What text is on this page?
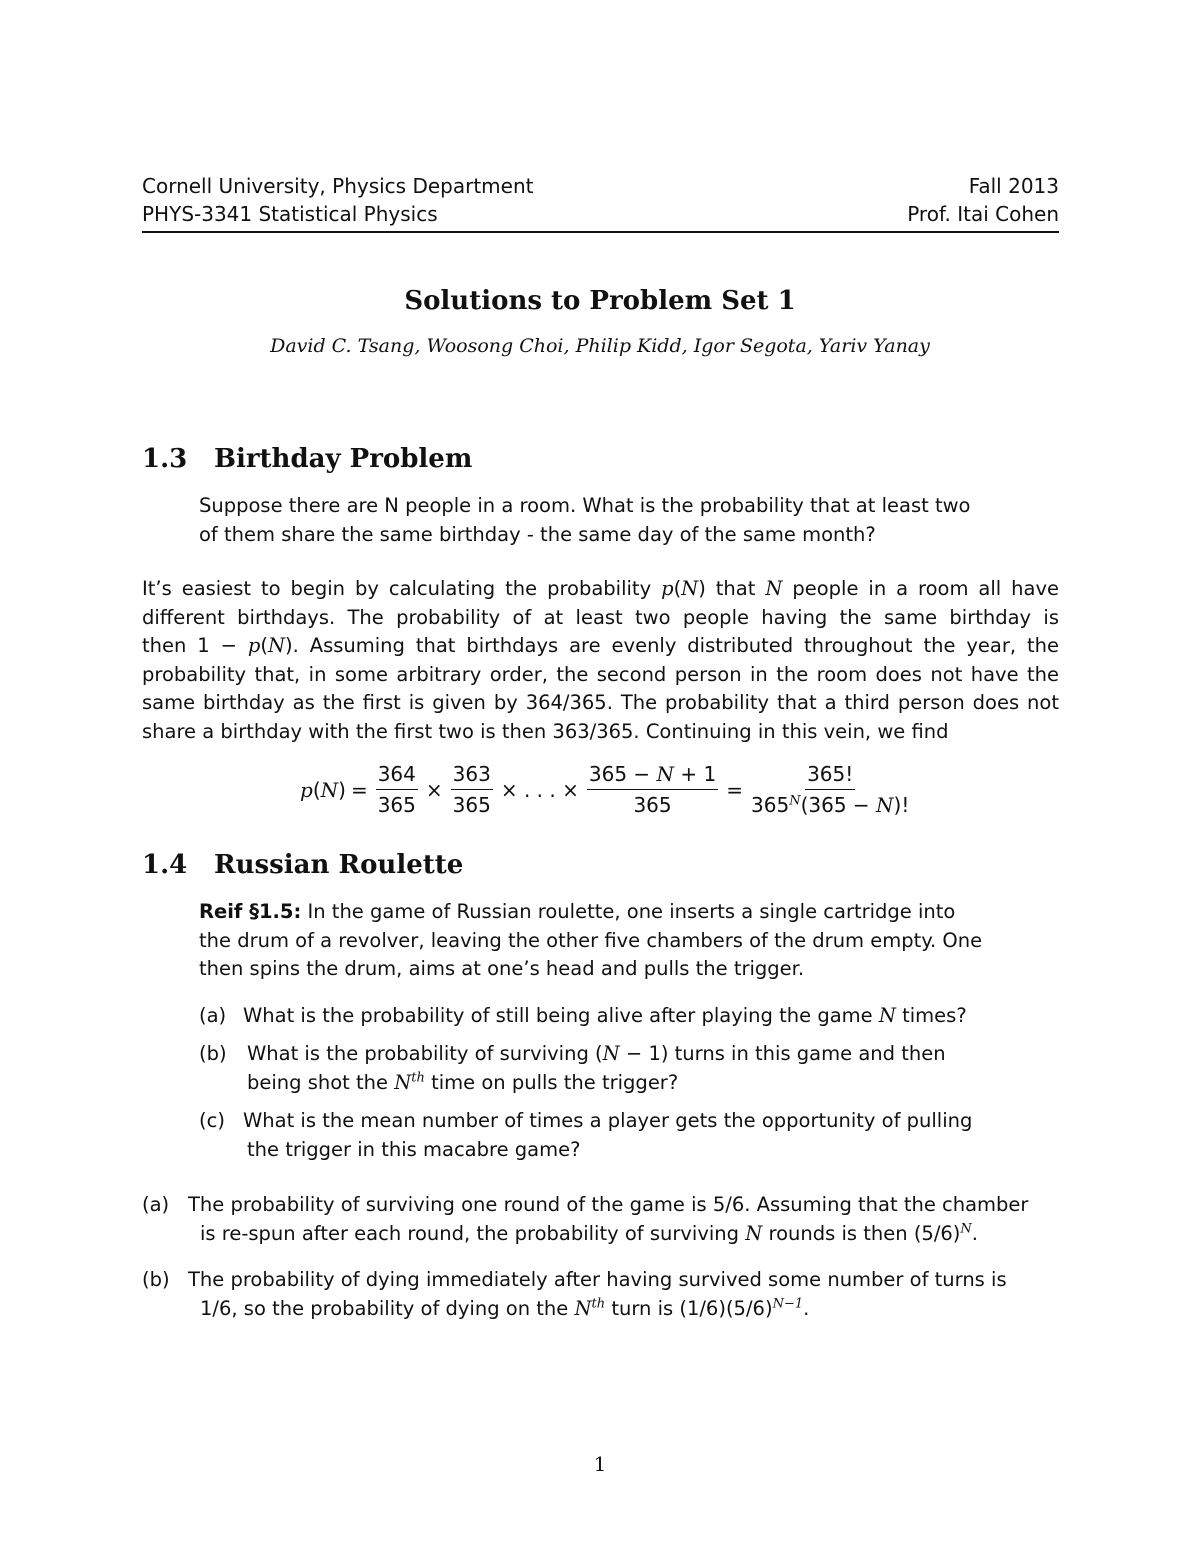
Cornell University, Physics Department
PHYS-3341 Statistical Physics
Fall 2013
Prof. Itai Cohen
Solutions to Problem Set 1
David C. Tsang, Woosong Choi, Philip Kidd, Igor Segota, Yariv Yanay
1.3 Birthday Problem
Suppose there are N people in a room. What is the probability that at least two
of them share the same birthday - the same day of the same month?
It’s easiest to begin by calculating the probability p(N) that N people in a room all have
different birthdays. The probability of at least two people having the same birthday is
then 1 − p(N). Assuming that birthdays are evenly distributed throughout the year, the
probability that, in some arbitrary order, the second person in the room does not have the
same birthday as the first is given by 364/365. The probability that a third person does not
share a birthday with the first two is then 363/365. Continuing in this vein, we find
p ( N ) = $\frac{364}{365} \times \frac{363}{365}$ × . . . × $\frac{365 - N + 1}{365} = \frac{365!}{365^N(365 - N)!}$
1.4 Russian Roulette
Reif §1.5: In the game of Russian roulette, one inserts a single cartridge into
the drum of a revolver, leaving the other five chambers of the drum empty. One
then spins the drum, aims at one’s head and pulls the trigger.
(a) What is the probability of still being alive after playing the game N times?
(b) What is the probability of surviving (N − 1) turns in this game and then
being shot the $N^{th}$ time on pulls the trigger?
(c) What is the mean number of times a player gets the opportunity of pulling
the trigger in this macabre game?
(a) The probability of surviving one round of the game is 5/6. Assuming that the chamber
is re-spun after each round, the probability of surviving N rounds is then $(5/6)^N$.
(b) The probability of dying immediately after having survived some number of turns is
1/6, so the probability of dying on the $N^{th}$ turn is $(1/6)(5/6)^{N-1}$.
1
